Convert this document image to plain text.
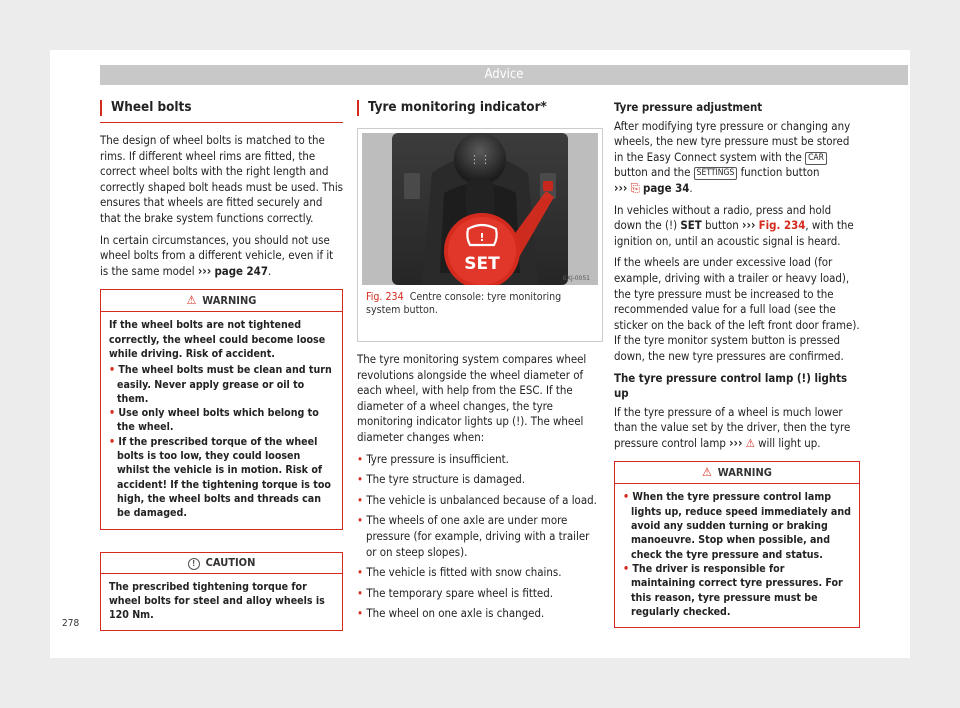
Advice
Wheel bolts

The design of wheel bolts is matched to the rims. If different wheel rims are fitted, the correct wheel bolts with the right length and correctly shaped bolt heads must be used. This ensures that wheels are fitted securely and that the brake system functions correctly.

In certain circumstances, you should not use wheel bolts from a different vehicle, even if it is the same model ››› page 247.

⚠ WARNING
If the wheel bolts are not tightened correctly, the wheel could become loose while driving. Risk of accident.
• The wheel bolts must be clean and turn easily. Never apply grease or oil to them.
• Use only wheel bolts which belong to the wheel.
• If the prescribed torque of the wheel bolts is too low, they could loosen whilst the vehicle is in motion. Risk of accident! If the tightening torque is too high, the wheel bolts and threads can be damaged.
! CAUTION
The prescribed tightening torque for wheel bolts for steel and alloy wheels is 120 Nm.
Tyre monitoring indicator*
⋮⋮
!
SET
BXJ-0051
Fig. 234 Centre console: tyre monitoring system button.

The tyre monitoring system compares wheel revolutions alongside the wheel diameter of each wheel, with help from the ESC. If the diameter of a wheel changes, the tyre monitoring indicator lights up (!). The wheel diameter changes when:

• Tyre pressure is insufficient.
• The tyre structure is damaged.
• The vehicle is unbalanced because of a load.
• The wheels of one axle are under more pressure (for example, driving with a trailer or on steep slopes).
• The vehicle is fitted with snow chains.
• The temporary spare wheel is fitted.
• The wheel on one axle is changed.

Tyre pressure adjustment

After modifying tyre pressure or changing any wheels, the new tyre pressure must be stored in the Easy Connect system with the CAR button and the SETTINGS function button
››› ⎘ page 34.

In vehicles without a radio, press and hold down the (!) SET button ››› Fig. 234, with the ignition on, until an acoustic signal is heard.

If the wheels are under excessive load (for example, driving with a trailer or heavy load), the tyre pressure must be increased to the recommended value for a full load (see the sticker on the back of the left front door frame). If the tyre monitor system button is pressed down, the new tyre pressures are confirmed.

The tyre pressure control lamp (!) lights up

If the tyre pressure of a wheel is much lower than the value set by the driver, then the tyre pressure control lamp ››› ⚠ will light up.

⚠ WARNING
• When the tyre pressure control lamp lights up, reduce speed immediately and avoid any sudden turning or braking manoeuvre. Stop when possible, and check the tyre pressure and status.
• The driver is responsible for maintaining correct tyre pressures. For this reason, tyre pressure must be regularly checked.
278
